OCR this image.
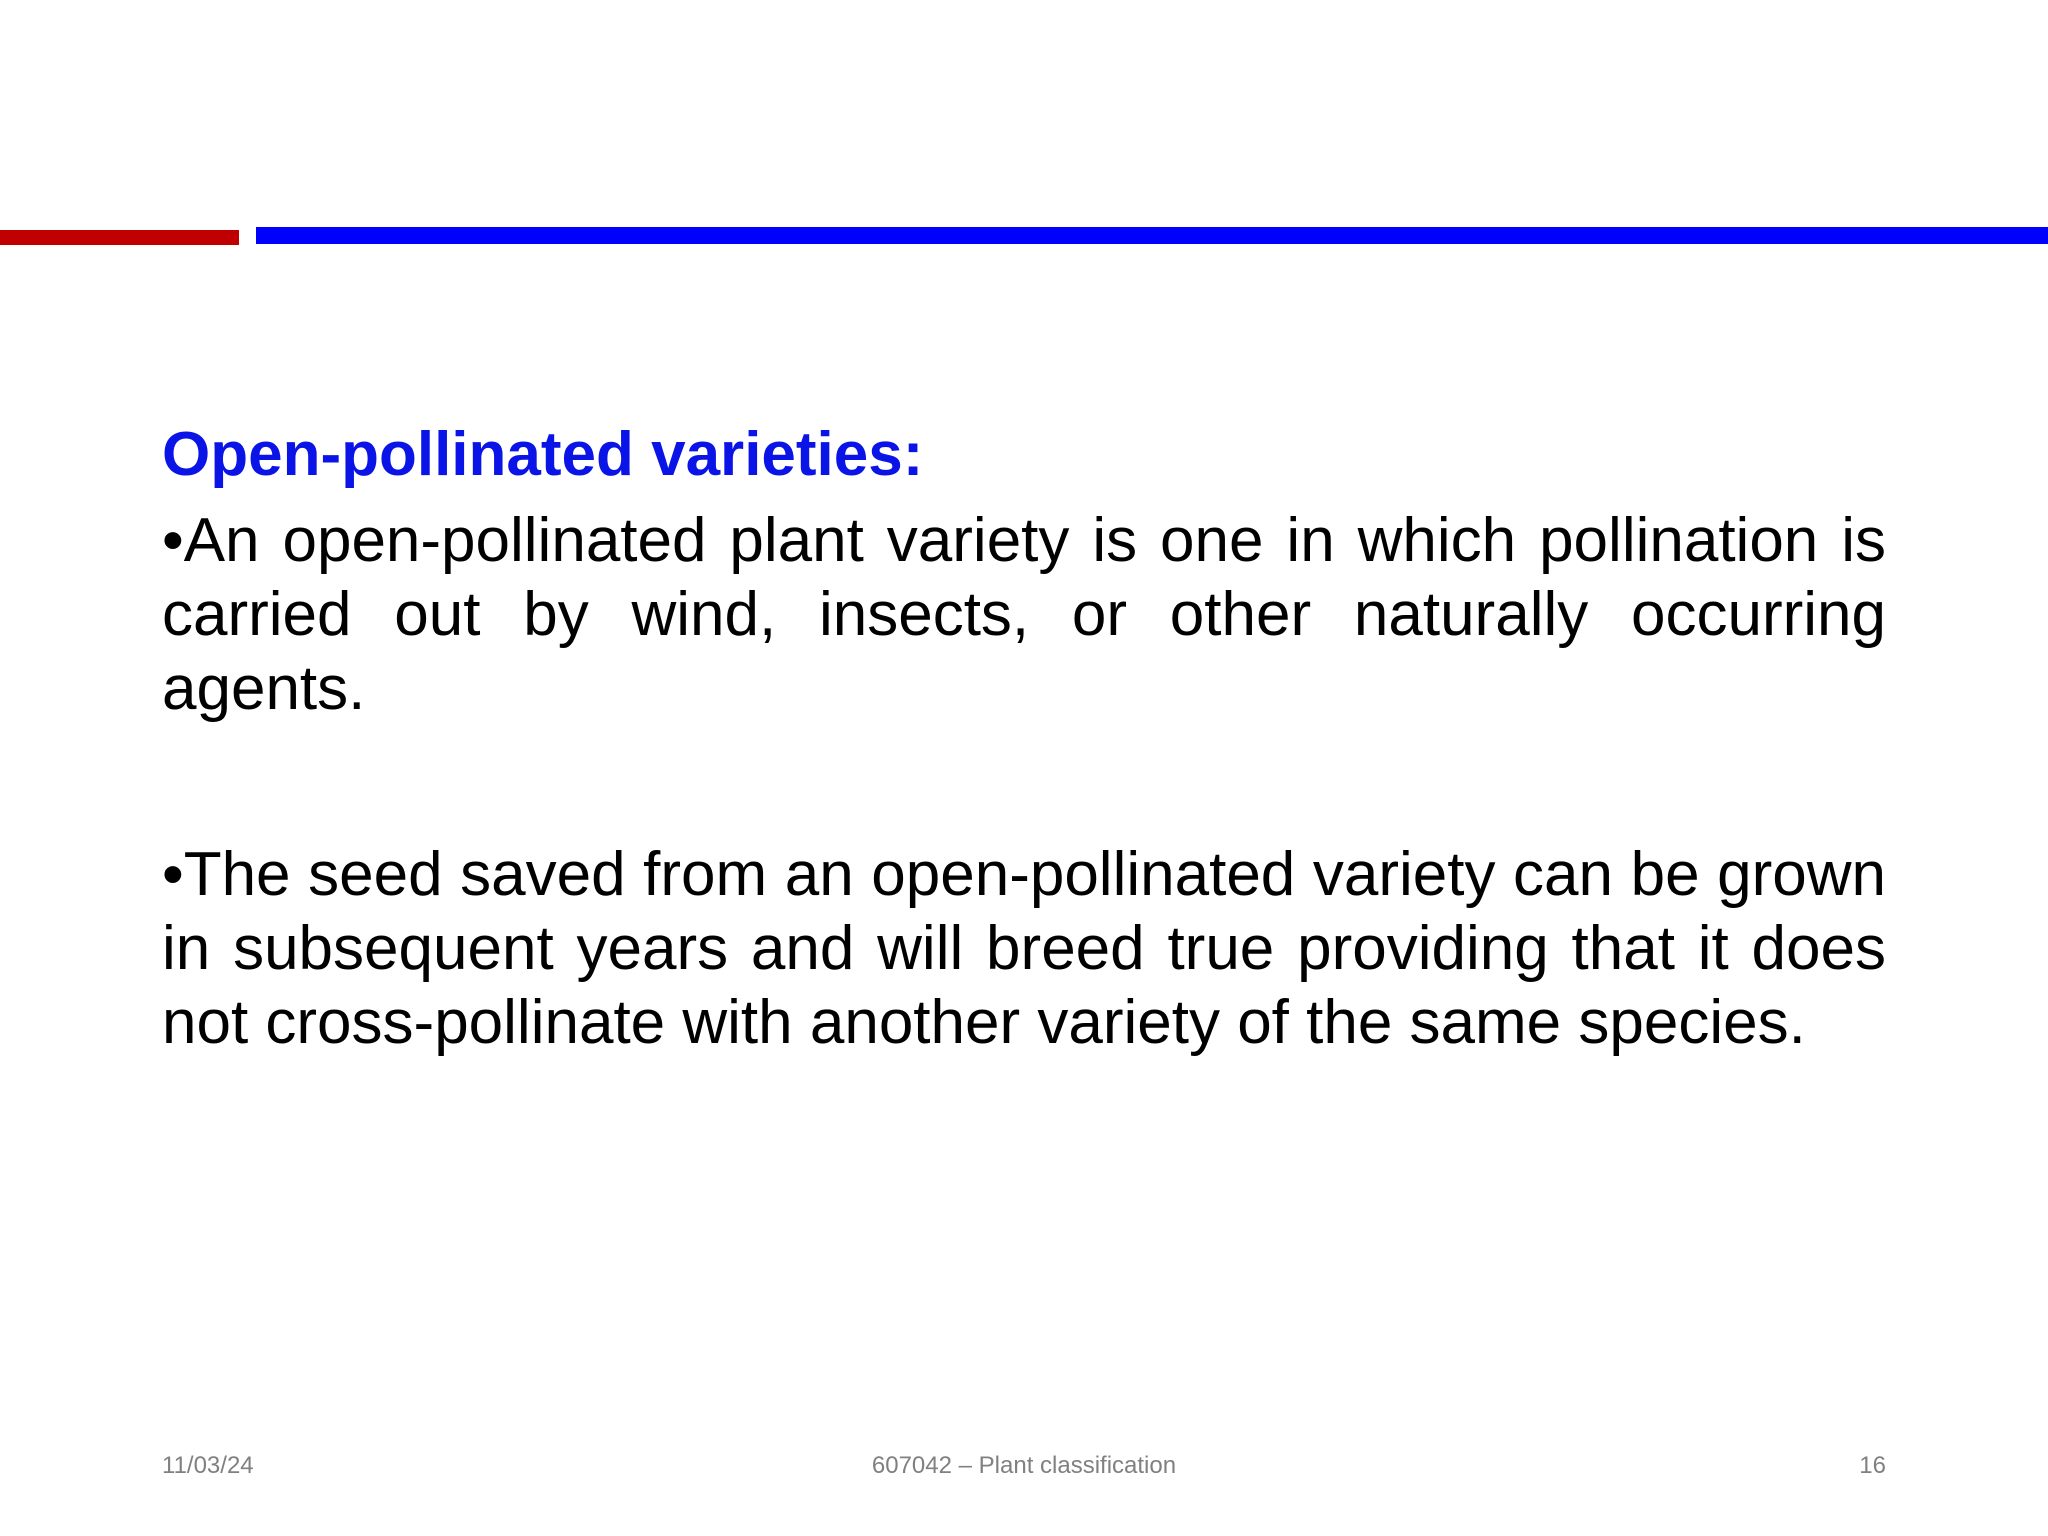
Open-pollinated varieties:

•An open-pollinated plant variety is one in which pollination is carried out by wind, insects, or other naturally occurring agents.

•The seed saved from an open-pollinated variety can be grown in subsequent years and will breed true providing that it does not cross-pollinate with another variety of the same species.

607042 – Plant classification
11/03/24	16
